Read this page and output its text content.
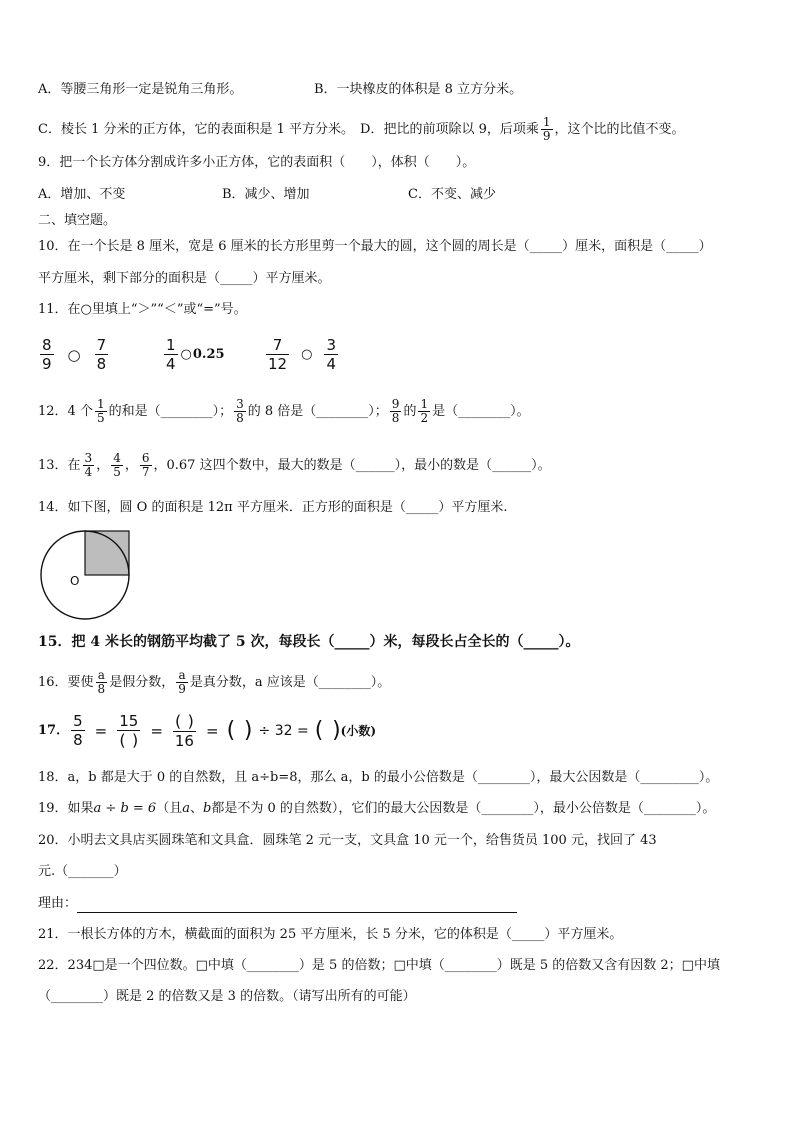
A．等腰三角形一定是锐角三角形。	B．一块橡皮的体积是 8 立方分米。
C．棱长 1 分米的正方体，它的表面积是 1 平方分米。 D．把比的前项除以 9，后项乘 $\frac{1}{9}$ ，这个比的比值不变。
9．把一个长方体分割成许多小正方体，它的表面积（　　），体积（　　）。
A．增加、不变	B．减少、增加	C．不变、减少
二、填空题。
10．在一个长是 8 厘米，宽是 6 厘米的长方形里剪一个最大的圆，这个圆的周长是（_____）厘米，面积是（_____）
平方厘米，剩下部分的面积是（_____）平方厘米。
11．在○里填上“＞”“＜”或“=”号。
$\frac{8}{9}$ ○ $\frac{7}{8}$	$\frac{1}{4}$ ○ 0.25	$\frac{7}{12}$ ○ $\frac{3}{4}$
12．4 个 $\frac{1}{5}$ 的和是（________）； $\frac{3}{8}$ 的 8 倍是（________）； $\frac{9}{8}$ 的 $\frac{1}{2}$ 是（________）。
13．在 $\frac{3}{4}$ ， $\frac{4}{5}$ ， $\frac{6}{7}$ ，0.67 这四个数中，最大的数是（______），最小的数是（______）。
14．如下图，圆 O 的面积是 12π 平方厘米．正方形的面积是（_____）平方厘米.
O
15．把 4 米长的钢筋平均截了 5 次，每段长（_____）米，每段长占全长的（_____）。
16．要使 $\frac{a}{8}$ 是假分数， $\frac{a}{9}$ 是真分数，a 应该是（________）。
17． $\frac{5}{8} = \frac{15}{( )} = \frac{( )}{16}$ = (  ) ÷ 32 = (  ) (小数)
18．a，b 都是大于 0 的自然数，且 a÷b=8，那么 a，b 的最小公倍数是（________），最大公因数是（_________）。
19．如果a ÷ b = 6（且a、b都是不为 0 的自然数），它们的最大公因数是（________），最小公倍数是（________）。
20．小明去文具店买圆珠笔和文具盒．圆珠笔 2 元一支，文具盒 10 元一个，给售货员 100 元，找回了 43
元.（_______）
理由：
21．一根长方体的方木，横截面的面积为 25 平方厘米，长 5 分米，它的体积是（_____）平方厘米。
22．234□是一个四位数。□中填（________）是 5 的倍数；□中填（________）既是 5 的倍数又含有因数 2；□中填
（________）既是 2 的倍数又是 3 的倍数。（请写出所有的可能）
